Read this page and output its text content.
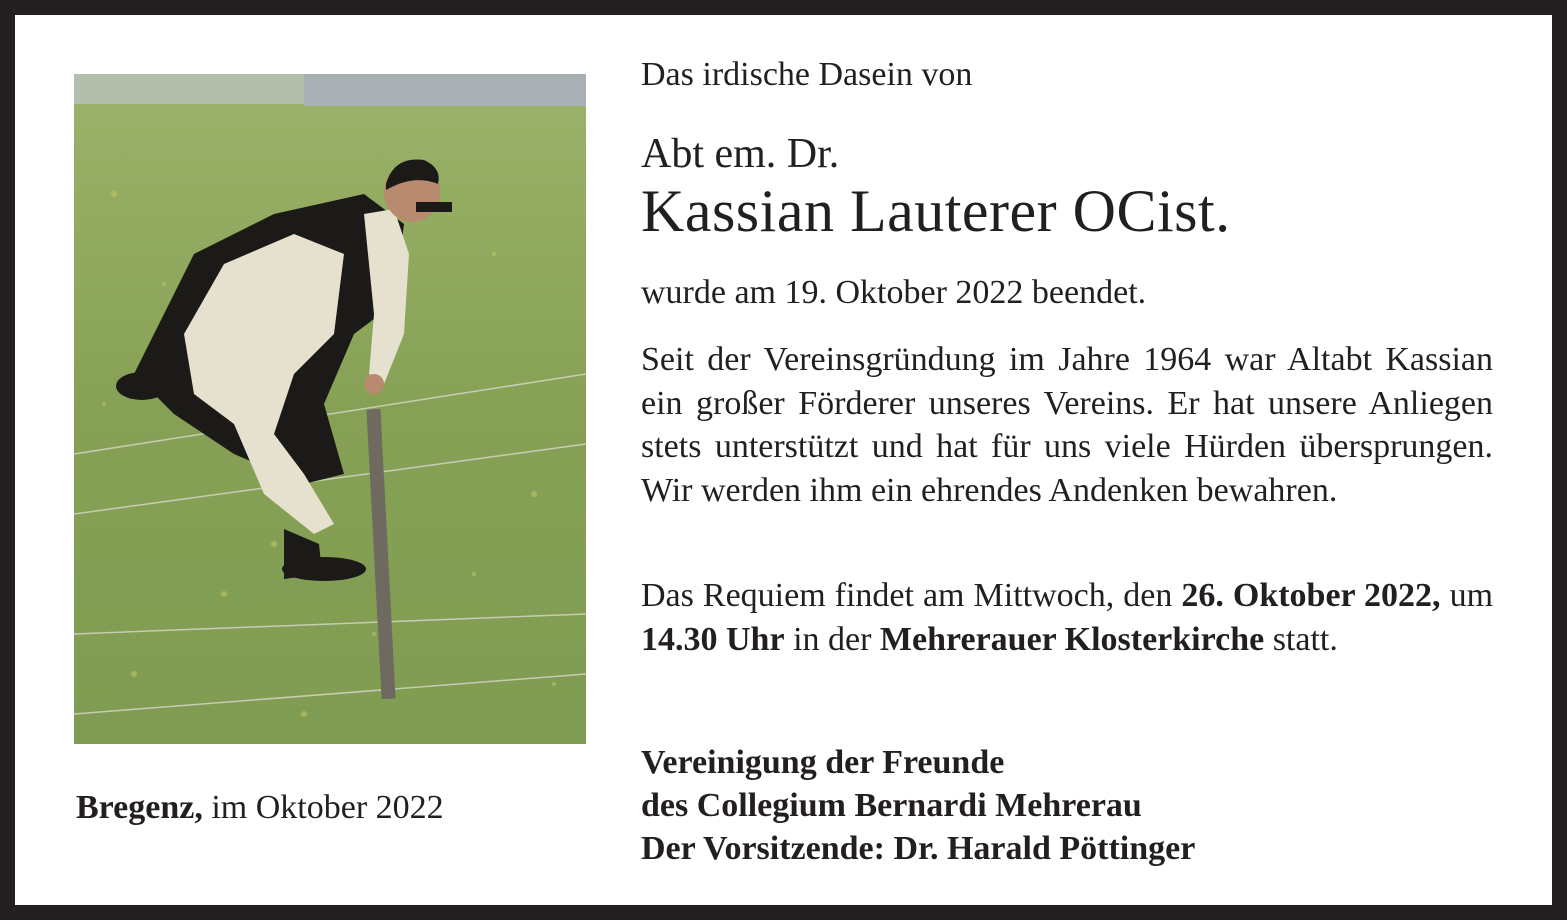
Bregenz, im Oktober 2022
Das irdische Dasein von
Abt em. Dr.
Kassian Lauterer OCist.
wurde am 19. Oktober 2022 beendet.
Seit der Vereinsgründung im Jahre 1964 war Altabt Kassian ein großer Förderer unseres Vereins. Er hat unsere Anliegen stets unterstützt und hat für uns viele Hürden übersprungen. Wir werden ihm ein ehrendes Andenken bewahren.
Das Requiem findet am Mittwoch, den 26. Oktober 2022, um 14.30 Uhr in der Mehrerauer Klosterkirche statt.
Vereinigung der Freunde
des Collegium Bernardi Mehrerau
Der Vorsitzende: Dr. Harald Pöttinger
